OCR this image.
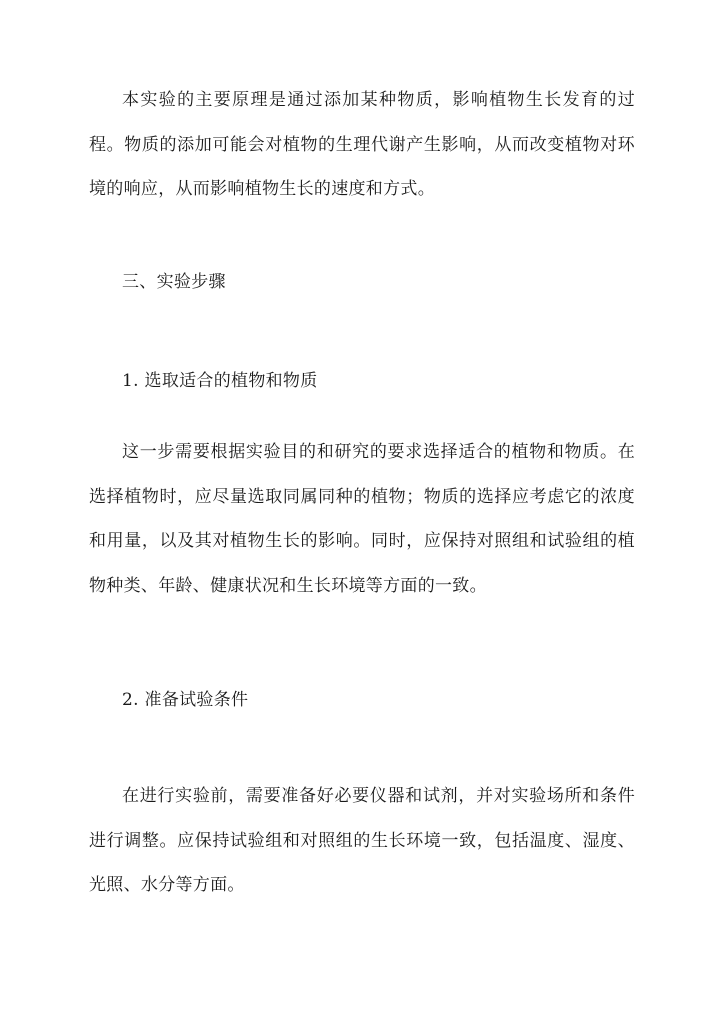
本实验的主要原理是通过添加某种物质，影响植物生长发育的过程。物质的添加可能会对植物的生理代谢产生影响，从而改变植物对环境的响应，从而影响植物生长的速度和方式。

三、实验步骤

1. 选取适合的植物和物质

这一步需要根据实验目的和研究的要求选择适合的植物和物质。在选择植物时，应尽量选取同属同种的植物；物质的选择应考虑它的浓度和用量，以及其对植物生长的影响。同时，应保持对照组和试验组的植物种类、年龄、健康状况和生长环境等方面的一致。

2. 准备试验条件

在进行实验前，需要准备好必要仪器和试剂，并对实验场所和条件进行调整。应保持试验组和对照组的生长环境一致，包括温度、湿度、光照、水分等方面。
